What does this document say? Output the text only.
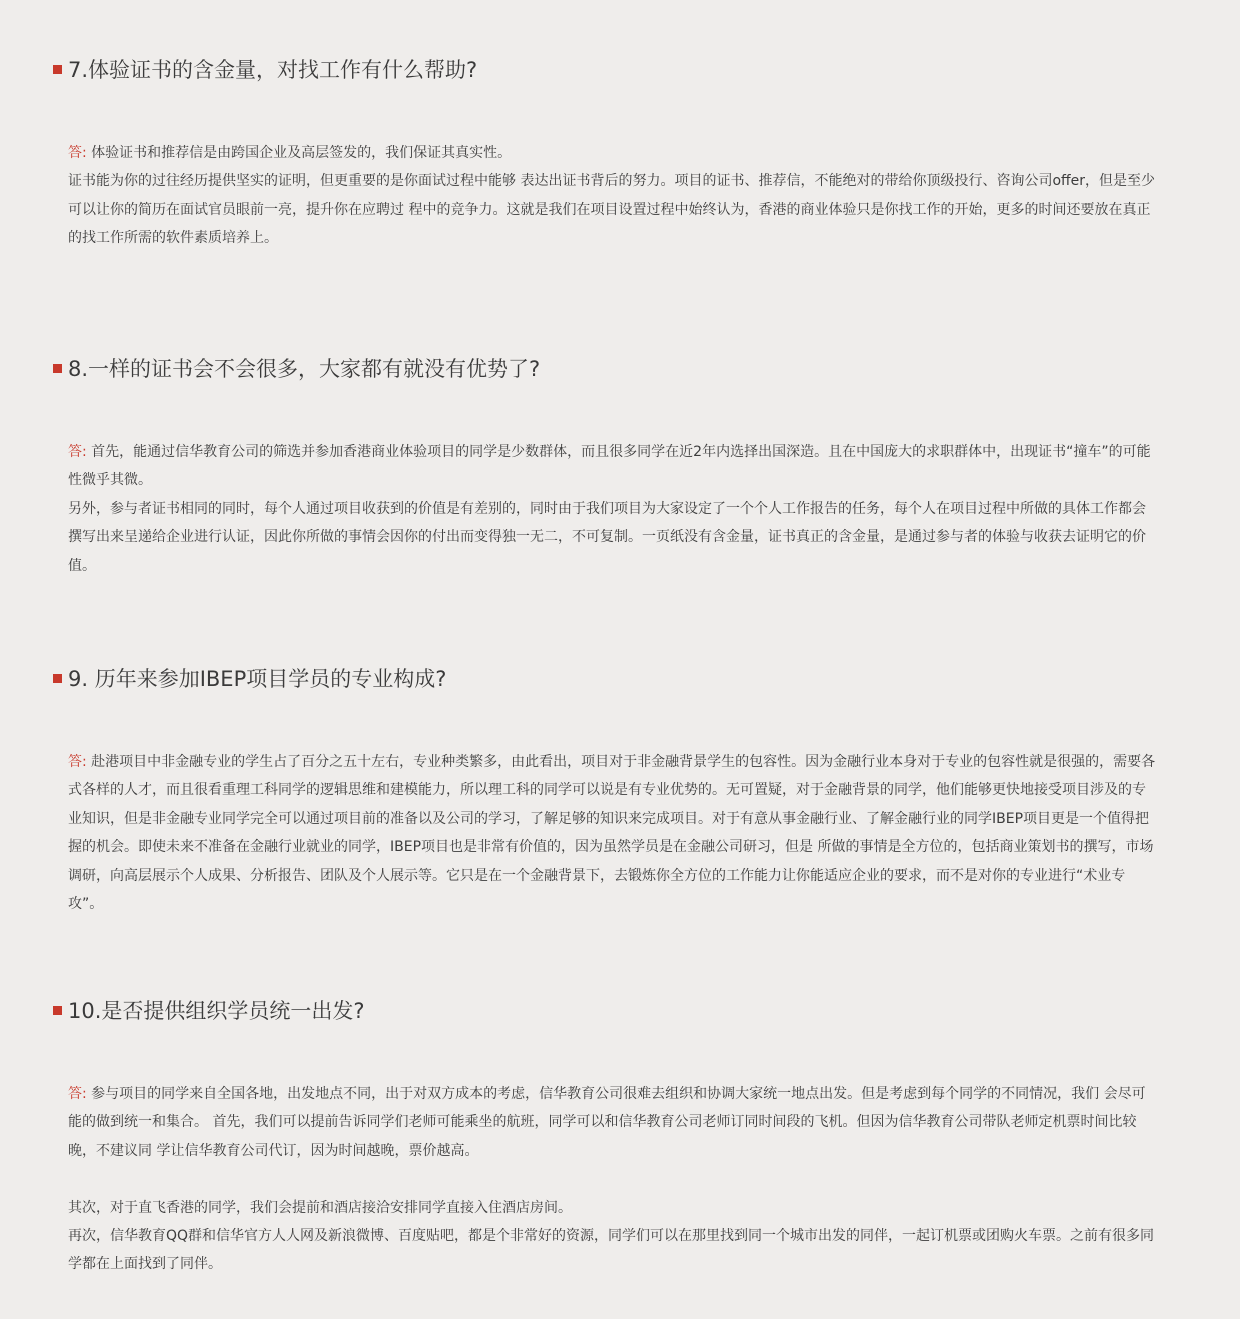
7.体验证书的含金量，对找工作有什么帮助?

答: 体验证书和推荐信是由跨国企业及高层签发的，我们保证其真实性。

证书能为你的过往经历提供坚实的证明，但更重要的是你面试过程中能够 表达出证书背后的努力。项目的证书、推荐信，不能绝对的带给你顶级投行、咨询公司offer，但是至少可以让你的简历在面试官员眼前一亮，提升你在应聘过 程中的竞争力。这就是我们在项目设置过程中始终认为，香港的商业体验只是你找工作的开始，更多的时间还要放在真正的找工作所需的软件素质培养上。

8.一样的证书会不会很多，大家都有就没有优势了?

答: 首先，能通过信华教育公司的筛选并参加香港商业体验项目的同学是少数群体，而且很多同学在近2年内选择出国深造。且在中国庞大的求职群体中，出现证书“撞车”的可能性微乎其微。

另外，参与者证书相同的同时，每个人通过项目收获到的价值是有差别的，同时由于我们项目为大家设定了一个个人工作报告的任务，每个人在项目过程中所做的具体工作都会撰写出来呈递给企业进行认证，因此你所做的事情会因你的付出而变得独一无二，不可复制。一页纸没有含金量，证书真正的含金量，是通过参与者的体验与收获去证明它的价值。

9. 历年来参加IBEP项目学员的专业构成?

答: 赴港项目中非金融专业的学生占了百分之五十左右，专业种类繁多，由此看出，项目对于非金融背景学生的包容性。因为金融行业本身对于专业的包容性就是很强的，需要各式各样的人才，而且很看重理工科同学的逻辑思维和建模能力，所以理工科的同学可以说是有专业优势的。无可置疑，对于金融背景的同学，他们能够更快地接受项目涉及的专业知识，但是非金融专业同学完全可以通过项目前的准备以及公司的学习，了解足够的知识来完成项目。对于有意从事金融行业、了解金融行业的同学IBEP项目更是一个值得把握的机会。即使未来不准备在金融行业就业的同学，IBEP项目也是非常有价值的，因为虽然学员是在金融公司研习，但是 所做的事情是全方位的，包括商业策划书的撰写，市场调研，向高层展示个人成果、分析报告、团队及个人展示等。它只是在一个金融背景下，去锻炼你全方位的工作能力让你能适应企业的要求，而不是对你的专业进行“术业专攻”。

10.是否提供组织学员统一出发?

答: 参与项目的同学来自全国各地，出发地点不同，出于对双方成本的考虑，信华教育公司很难去组织和协调大家统一地点出发。但是考虑到每个同学的不同情况，我们 会尽可能的做到统一和集合。 首先，我们可以提前告诉同学们老师可能乘坐的航班，同学可以和信华教育公司老师订同时间段的飞机。但因为信华教育公司带队老师定机票时间比较晚，不建议同 学让信华教育公司代订，因为时间越晚，票价越高。

其次，对于直飞香港的同学，我们会提前和酒店接洽安排同学直接入住酒店房间。

再次，信华教育QQ群和信华官方人人网及新浪微博、百度贴吧，都是个非常好的资源，同学们可以在那里找到同一个城市出发的同伴，一起订机票或团购火车票。之前有很多同学都在上面找到了同伴。
